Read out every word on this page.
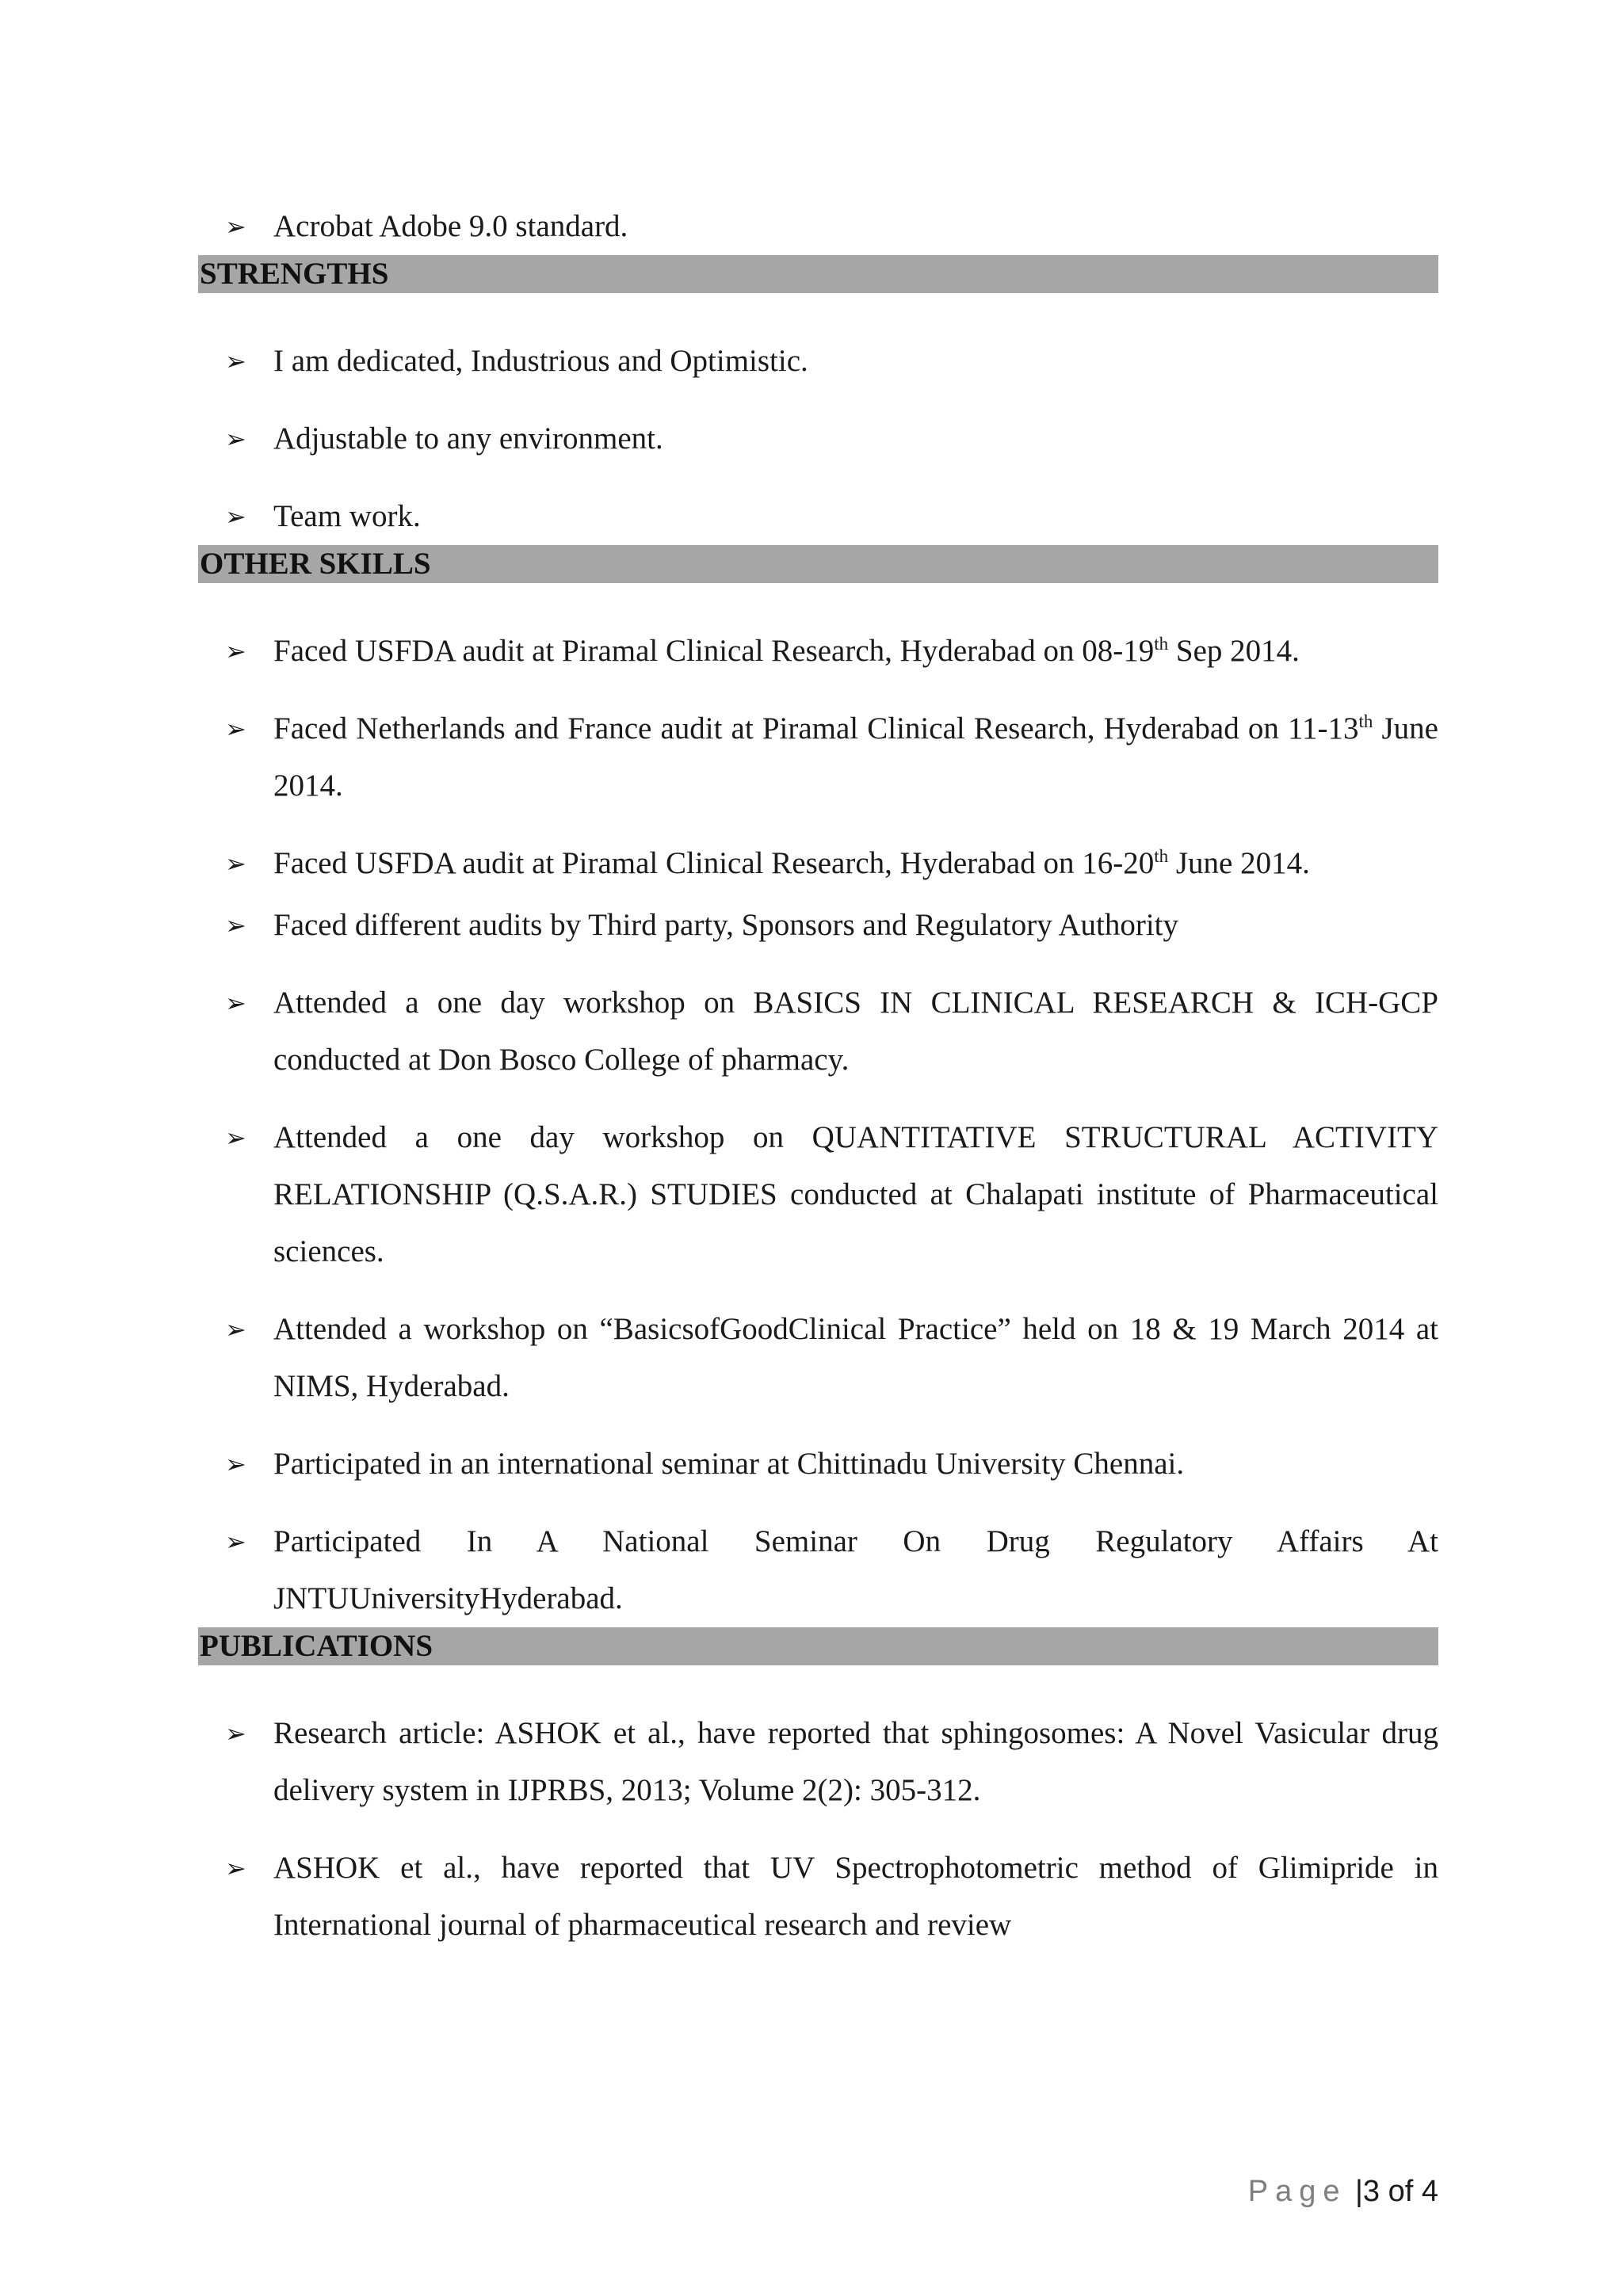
➢ Acrobat Adobe 9.0 standard.
STRENGTHS
➢ I am dedicated, Industrious and Optimistic.
➢ Adjustable to any environment.
➢ Team work.
OTHER SKILLS
➢ Faced USFDA audit at Piramal Clinical Research, Hyderabad on 08-19th Sep 2014.
➢ Faced Netherlands and France audit at Piramal Clinical Research, Hyderabad on 11-13th June 2014.
➢ Faced USFDA audit at Piramal Clinical Research, Hyderabad on 16-20th June 2014.
➢ Faced different audits by Third party, Sponsors and Regulatory Authority
➢ Attended a one day workshop on BASICS IN CLINICAL RESEARCH & ICH-GCP conducted at Don Bosco College of pharmacy.
➢ Attended a one day workshop on QUANTITATIVE STRUCTURAL ACTIVITY RELATIONSHIP (Q.S.A.R.) STUDIES conducted at Chalapati institute of Pharmaceutical sciences.
➢ Attended a workshop on “BasicsofGoodClinical Practice” held on 18 & 19 March 2014 at NIMS, Hyderabad.
➢ Participated in an international seminar at Chittinadu University Chennai.
➢ Participated In A National Seminar On Drug Regulatory Affairs At JNTUUniversityHyderabad.
PUBLICATIONS
➢ Research article: ASHOK et al., have reported that sphingosomes: A Novel Vasicular drug delivery system in IJPRBS, 2013; Volume 2(2): 305-312.
➢ ASHOK et al., have reported that UV Spectrophotometric method of Glimipride in International journal of pharmaceutical research and review
Page |3 of 4
